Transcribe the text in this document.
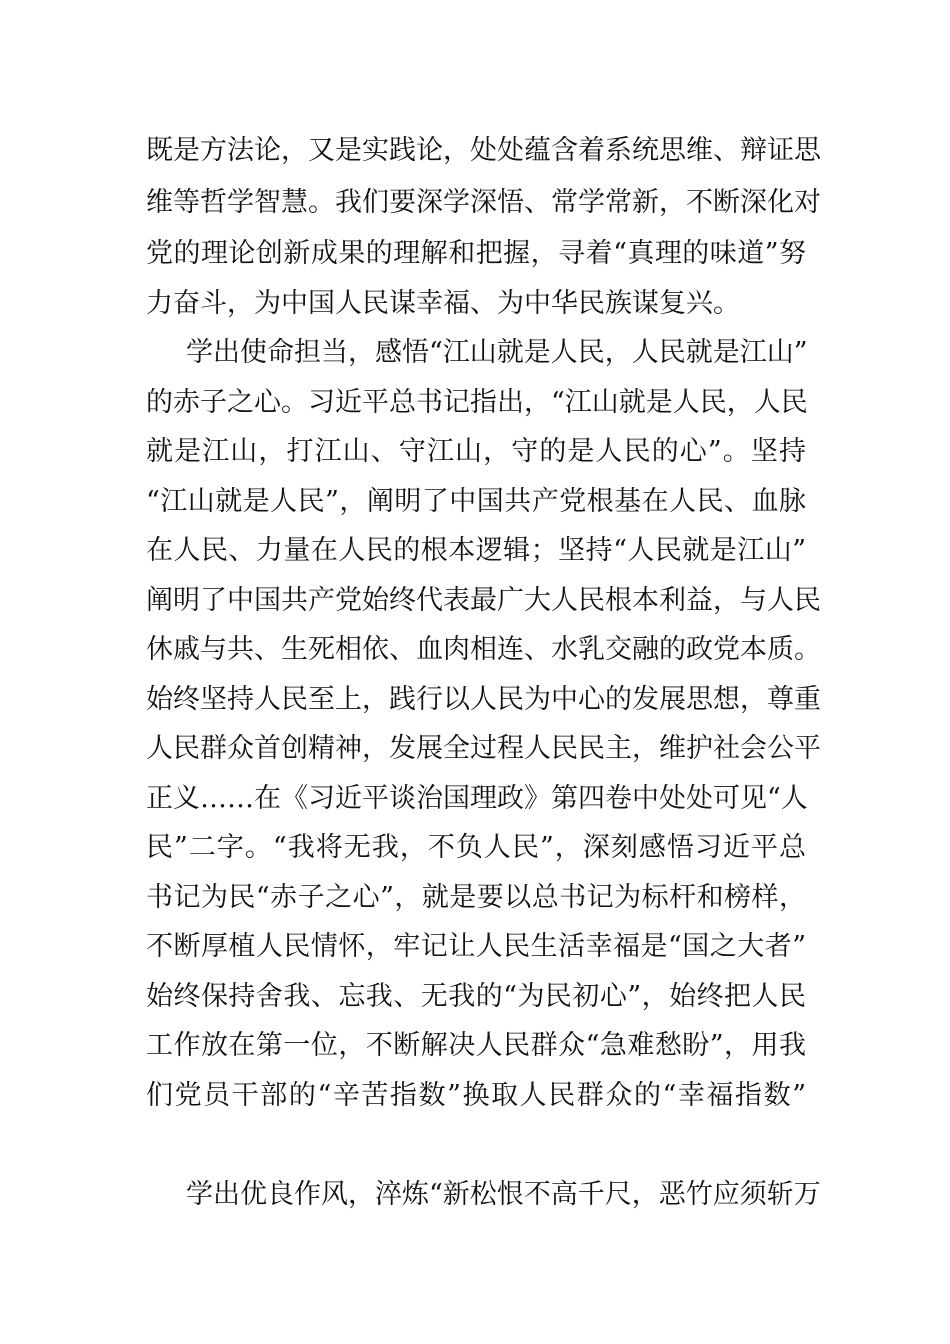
既是方法论，又是实践论，处处蕴含着系统思维、辩证思
维等哲学智慧。我们要深学深悟、常学常新，不断深化对
党的理论创新成果的理解和把握，寻着“真理的味道”努
力奋斗，为中国人民谋幸福、为中华民族谋复兴。
学出使命担当，感悟“江山就是人民，人民就是江山”
的赤子之心。习近平总书记指出，“江山就是人民，人民
就是江山，打江山、守江山，守的是人民的心”。坚持
“江山就是人民”，阐明了中国共产党根基在人民、血脉
在人民、力量在人民的根本逻辑；坚持“人民就是江山”
阐明了中国共产党始终代表最广大人民根本利益，与人民
休戚与共、生死相依、血肉相连、水乳交融的政党本质。
始终坚持人民至上，践行以人民为中心的发展思想，尊重
人民群众首创精神，发展全过程人民民主，维护社会公平
正义……在《习近平谈治国理政》第四卷中处处可见“人
民”二字。“我将无我，不负人民”，深刻感悟习近平总
书记为民“赤子之心”，就是要以总书记为标杆和榜样，
不断厚植人民情怀，牢记让人民生活幸福是“国之大者”
始终保持舍我、忘我、无我的“为民初心”，始终把人民
工作放在第一位，不断解决人民群众“急难愁盼”，用我
们党员干部的“辛苦指数”换取人民群众的“幸福指数”
学出优良作风，淬炼“新松恨不高千尺，恶竹应须斩万
